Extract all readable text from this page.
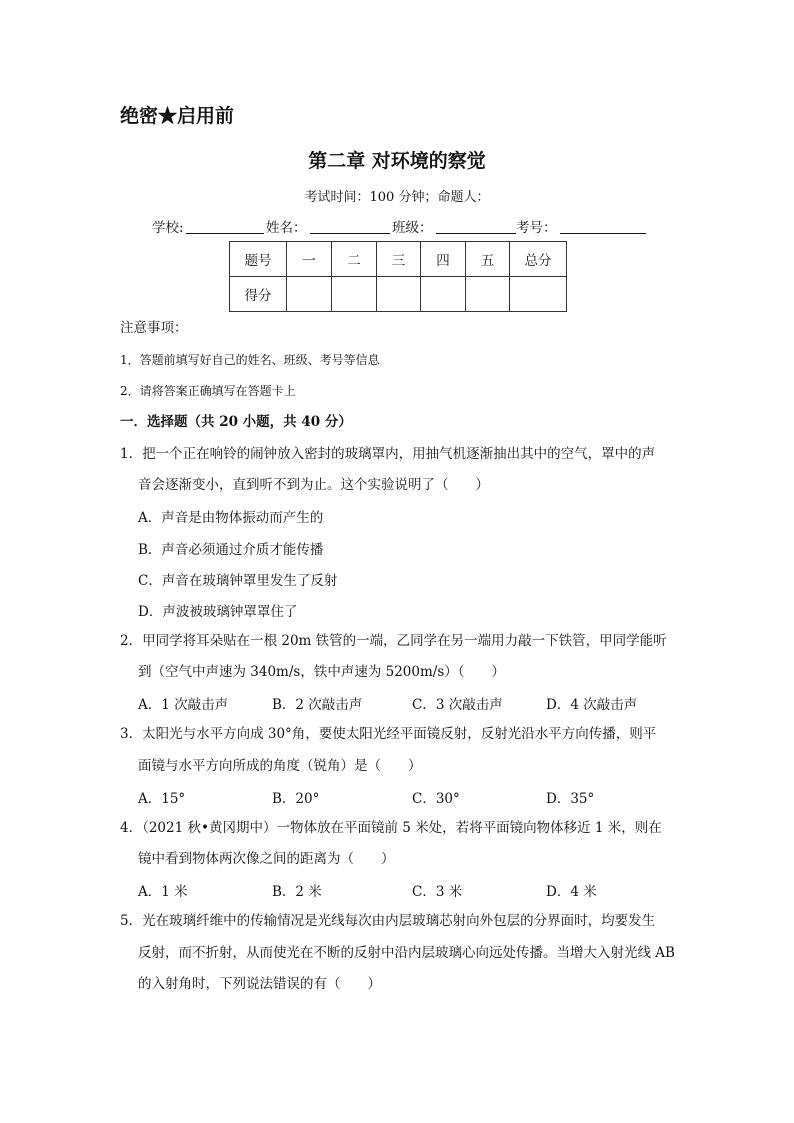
绝密★启用前
第二章 对环境的察觉
考试时间：100 分钟；命题人：
学校:	姓名：	班级：	考号：
题号	一	二	三	四	五	总分
得分						
注意事项：
1．答题前填写好自己的姓名、班级、考号等信息
2．请将答案正确填写在答题卡上
一．选择题（共 20 小题，共 40 分）
1．把一个正在响铃的闹钟放入密封的玻璃罩内，用抽气机逐渐抽出其中的空气，罩中的声
音会逐渐变小，直到听不到为止。这个实验说明了（　　）
A．声音是由物体振动而产生的
B．声音必须通过介质才能传播
C．声音在玻璃钟罩里发生了反射
D．声波被玻璃钟罩罩住了
2．甲同学将耳朵贴在一根 20m 铁管的一端，乙同学在另一端用力敲一下铁管，甲同学能听
到（空气中声速为 340m/s，铁中声速为 5200m/s）（　　）
A．1 次敲击声	B．2 次敲击声	C．3 次敲击声	D．4 次敲击声
3．太阳光与水平方向成 30°角，要使太阳光经平面镜反射，反射光沿水平方向传播，则平
面镜与水平方向所成的角度（锐角）是（　　）
A．15°	B．20°	C．30°	D．35°
4．（2021 秋•黄冈期中）一物体放在平面镜前 5 米处，若将平面镜向物体移近 1 米，则在
镜中看到物体两次像之间的距离为（　　）
A．1 米	B．2 米	C．3 米	D．4 米
5．光在玻璃纤维中的传输情况是光线每次由内层玻璃芯射向外包层的分界面时，均要发生
反射，而不折射，从而使光在不断的反射中沿内层玻璃心向远处传播。当增大入射光线 AB
的入射角时，下列说法错误的有（　　）
